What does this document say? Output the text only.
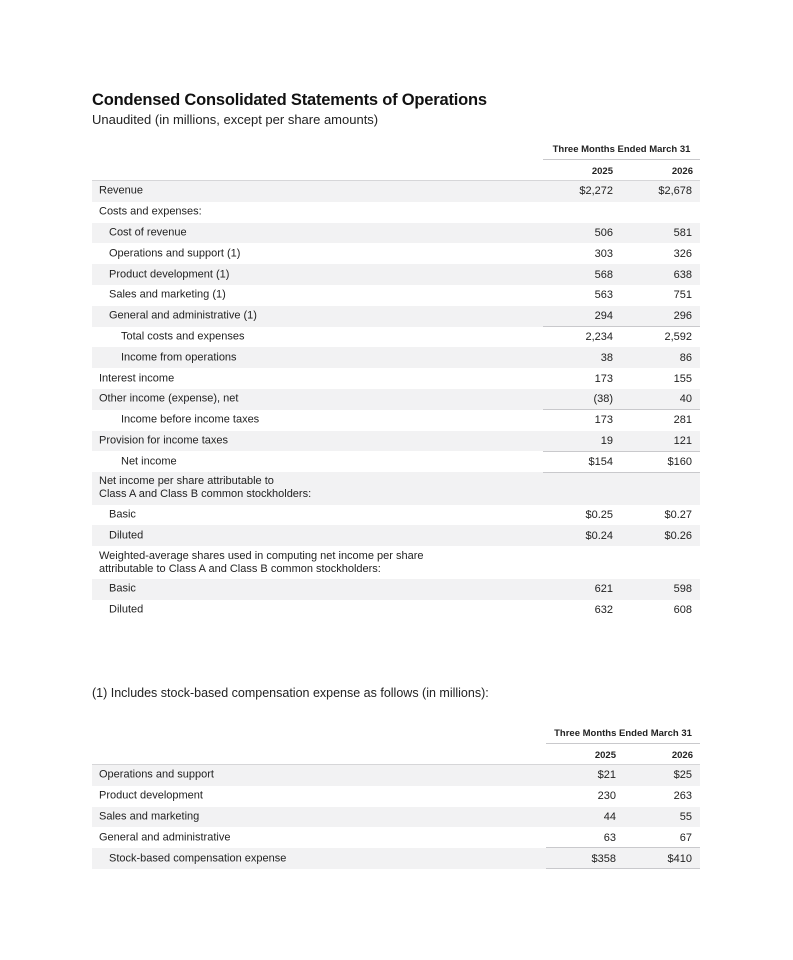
Condensed Consolidated Statements of Operations
Unaudited (in millions, except per share amounts)
Three Months Ended March 31
2025	2026
Revenue	$2,272	$2,678
Costs and expenses:
Cost of revenue	506	581
Operations and support (1)	303	326
Product development (1)	568	638
Sales and marketing (1)	563	751
General and administrative (1)	294	296
Total costs and expenses	2,234	2,592
Income from operations	38	86
Interest income	173	155
Other income (expense), net	(38)	40
Income before income taxes	173	281
Provision for income taxes	19	121
Net income	$154	$160
Net income per share attributable to
Class A and Class B common stockholders:
Basic	$0.25	$0.27
Diluted	$0.24	$0.26
Weighted-average shares used in computing net income per share
attributable to Class A and Class B common stockholders:
Basic	621	598
Diluted	632	608
(1) Includes stock-based compensation expense as follows (in millions):
Three Months Ended March 31
2025	2026
Operations and support	$21	$25
Product development	230	263
Sales and marketing	44	55
General and administrative	63	67
Stock-based compensation expense	$358	$410
